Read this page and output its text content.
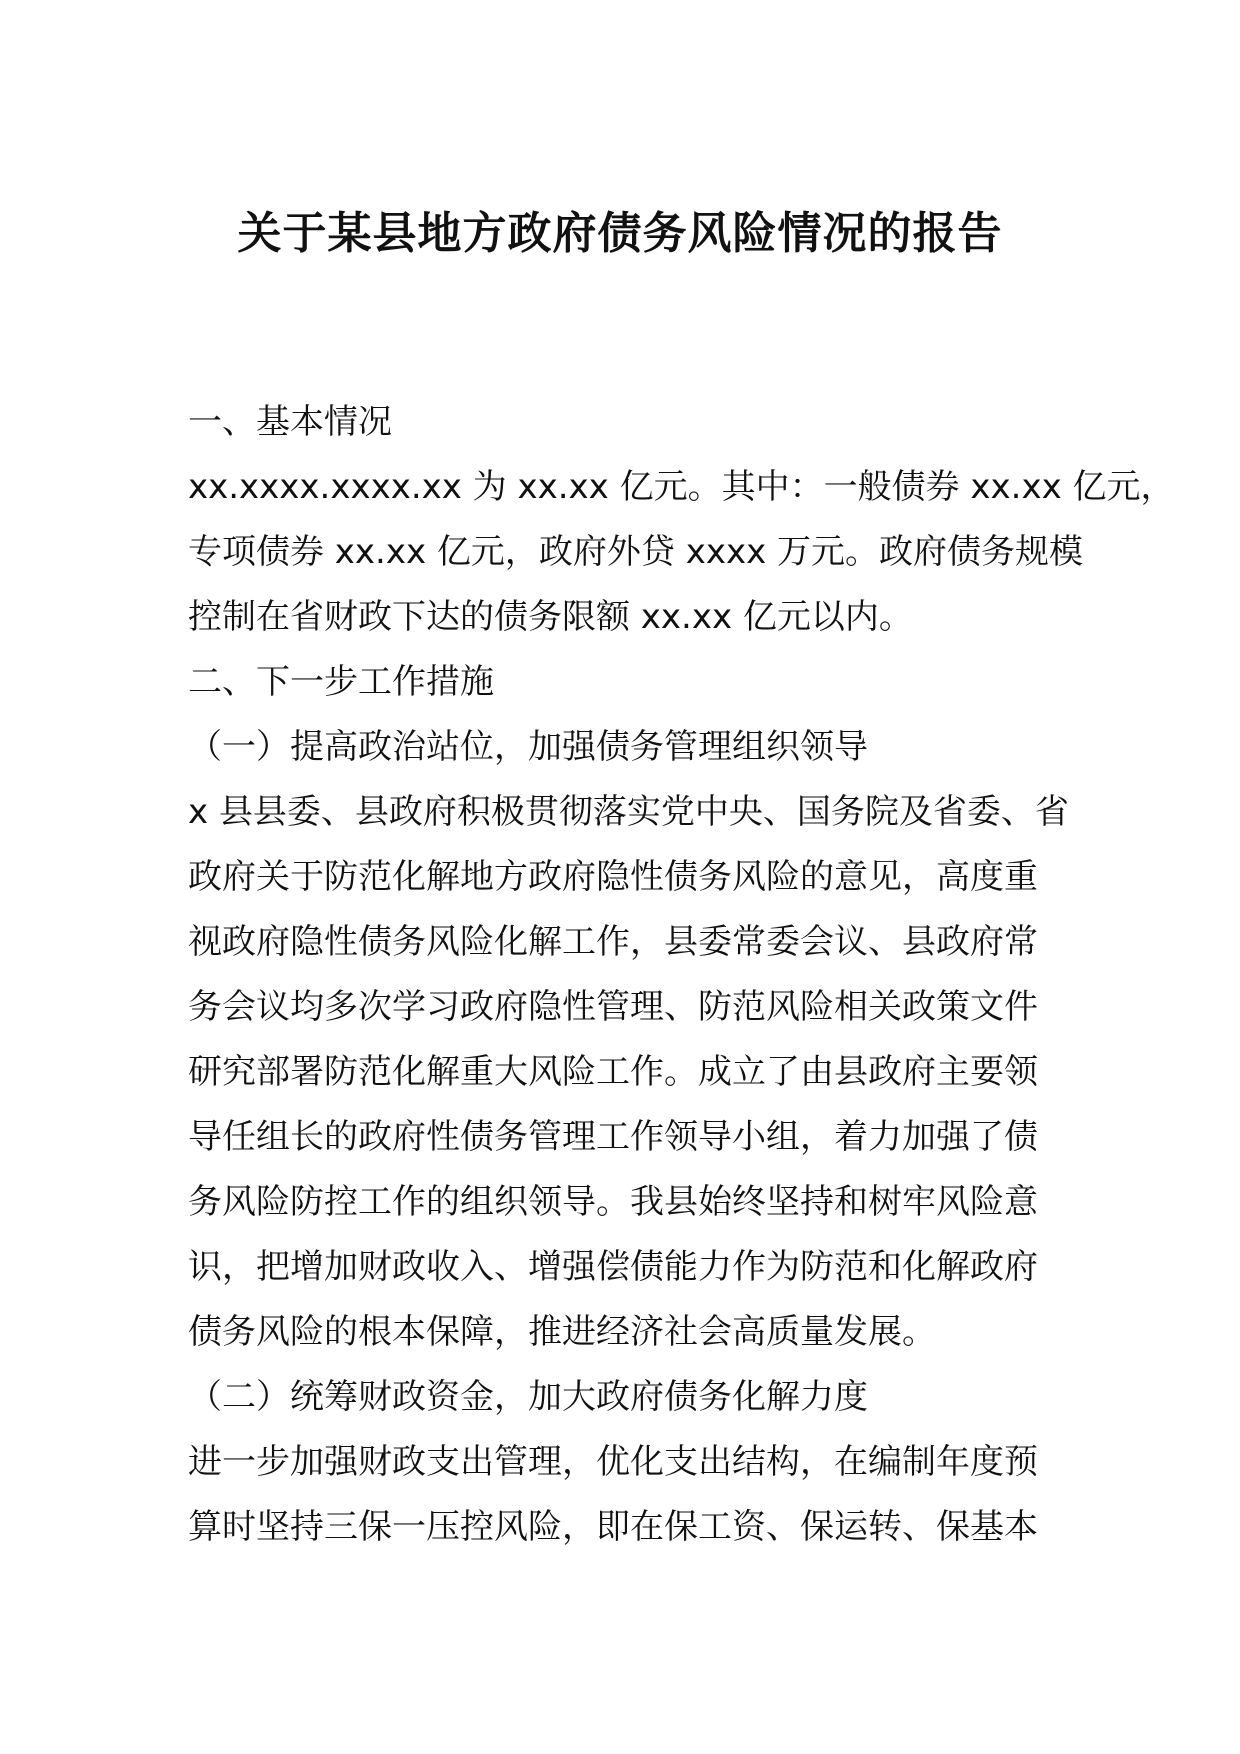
关于某县地方政府债务风险情况的报告
一、基本情况
xx.xxxx.xxxx.xx 为 xx.xx 亿元。其中：一般债券 xx.xx 亿元，
专项债券 xx.xx 亿元，政府外贷 xxxx 万元。政府债务规模
控制在省财政下达的债务限额 xx.xx 亿元以内。
二、下一步工作措施
（一）提高政治站位，加强债务管理组织领导
x 县县委、县政府积极贯彻落实党中央、国务院及省委、省
政府关于防范化解地方政府隐性债务风险的意见，高度重
视政府隐性债务风险化解工作，县委常委会议、县政府常
务会议均多次学习政府隐性管理、防范风险相关政策文件
研究部署防范化解重大风险工作。成立了由县政府主要领
导任组长的政府性债务管理工作领导小组，着力加强了债
务风险防控工作的组织领导。我县始终坚持和树牢风险意
识，把增加财政收入、增强偿债能力作为防范和化解政府
债务风险的根本保障，推进经济社会高质量发展。
（二）统筹财政资金，加大政府债务化解力度
进一步加强财政支出管理，优化支出结构，在编制年度预
算时坚持三保一压控风险，即在保工资、保运转、保基本
